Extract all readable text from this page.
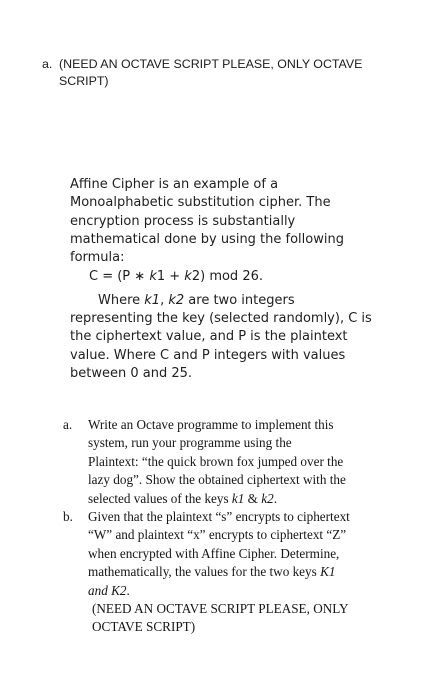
a. (NEED AN OCTAVE SCRIPT PLEASE, ONLY OCTAVE
SCRIPT)
Affine Cipher is an example of a
Monoalphabetic substitution cipher. The
encryption process is substantially
mathematical done by using the following
formula:
C = (P ∗ k1 + k2) mod 26.
Where k1, k2 are two integers
representing the key (selected randomly), C is
the ciphertext value, and P is the plaintext
value. Where C and P integers with values
between 0 and 25.
a. Write an Octave programme to implement this
system, run your programme using the
Plaintext: “the quick brown fox jumped over the
lazy dog”. Show the obtained ciphertext with the
selected values of the keys k1 & k2.
b. Given that the plaintext “s” encrypts to ciphertext
“W” and plaintext “x” encrypts to ciphertext “Z”
when encrypted with Affine Cipher. Determine,
mathematically, the values for the two keys K1
and K2.
(NEED AN OCTAVE SCRIPT PLEASE, ONLY
OCTAVE SCRIPT)
